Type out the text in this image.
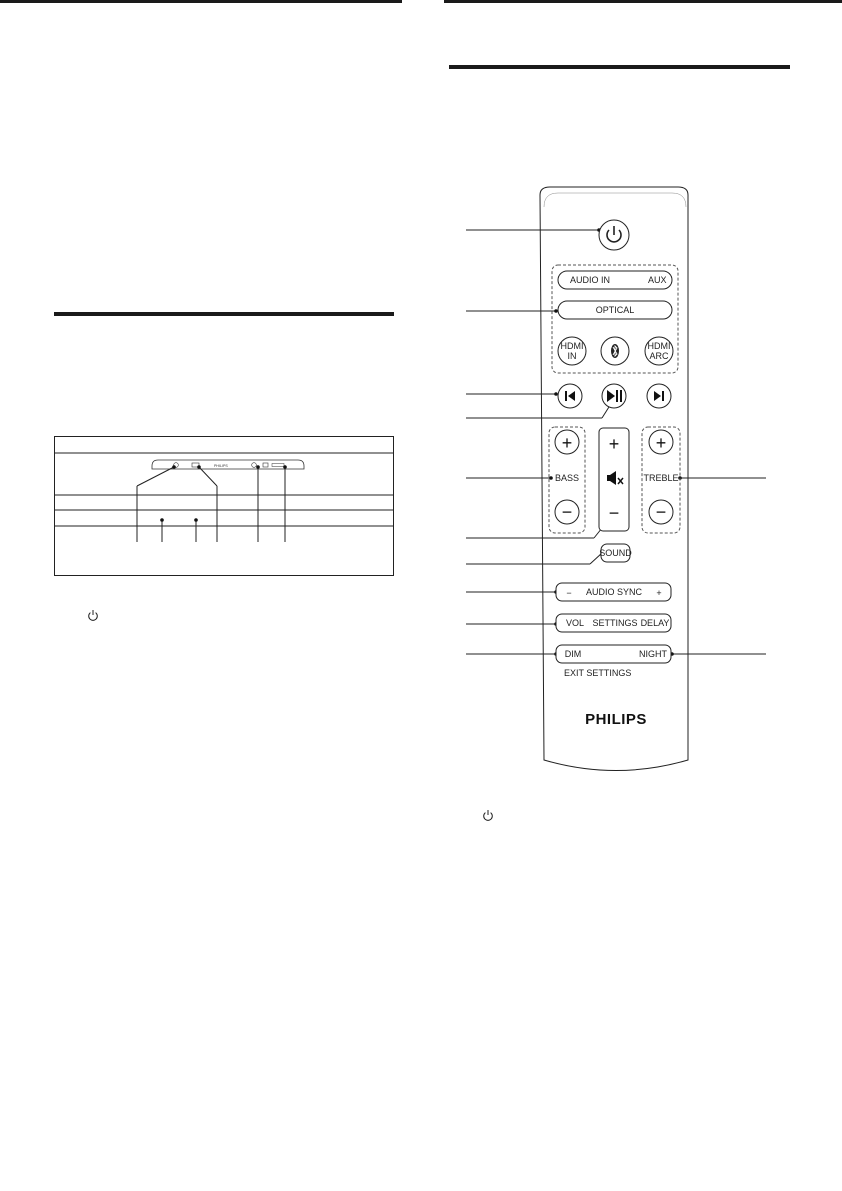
PHILIPS
AUDIO IN	AUX
OPTICAL
HDMI
IN
HDMI
ARC
+
BASS
−
+
−
+
TREBLE
−
SOUND
− AUDIO SYNC +
VOL SETTINGS DELAY
DIM	NIGHT
EXIT SETTINGS
PHILIPS
